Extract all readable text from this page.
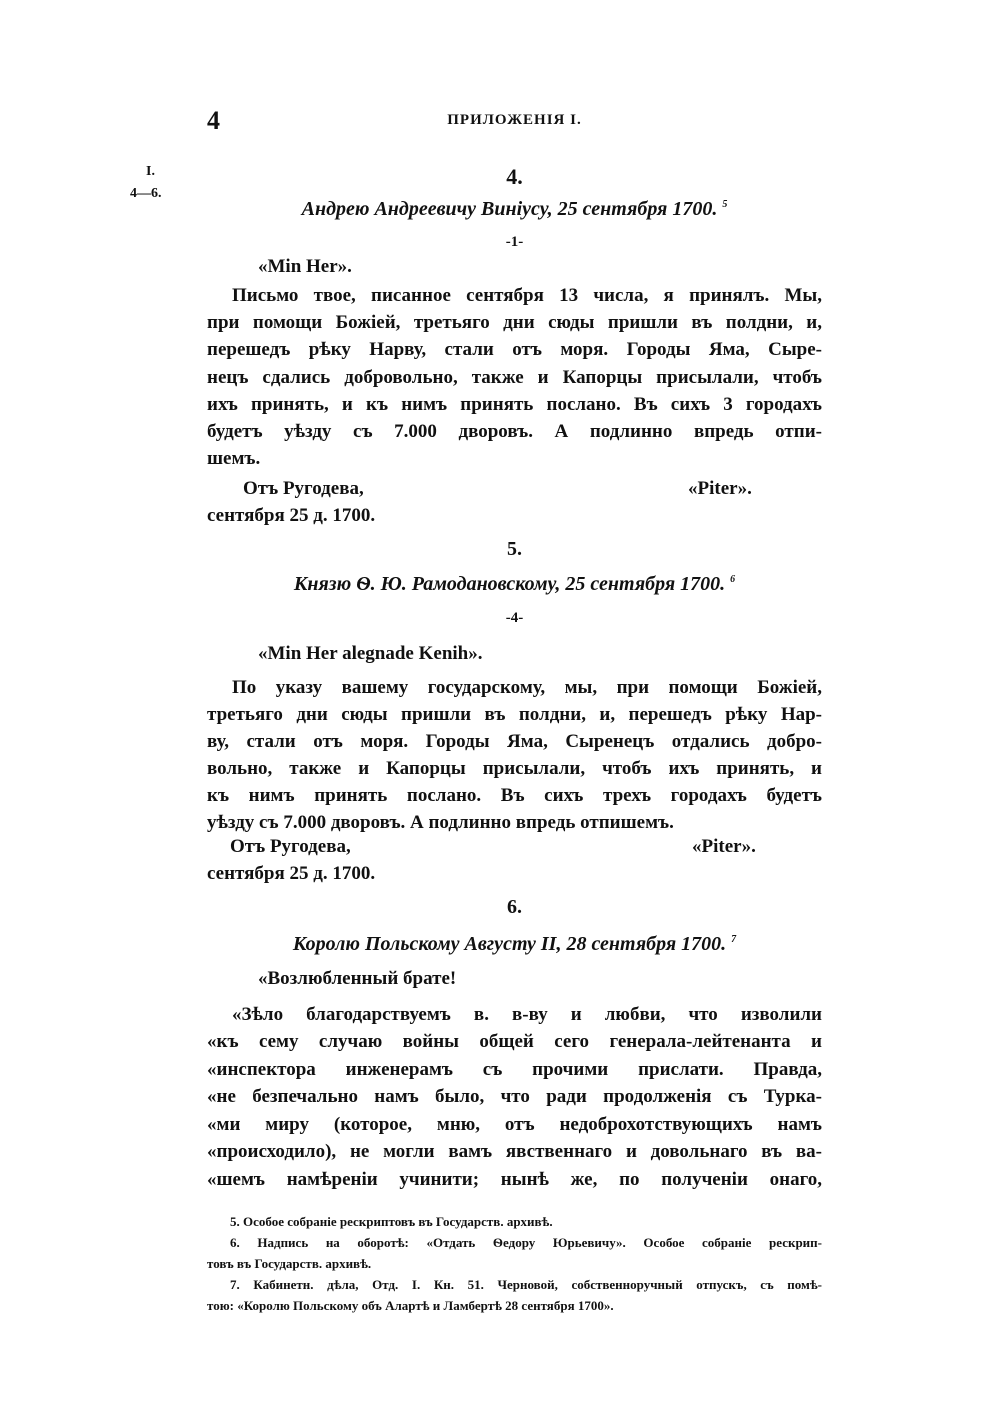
4	ПРИЛОЖЕНІЯ I.
I.
4—6.
4.
Андрею Андреевичу Виніусу, 25 сентября 1700. $^5$
-1-
«Min Her».
Письмо твое, писанное сентября 13 числа, я принялъ. Мы,
при помощи Божіей, третьяго дни сюды пришли въ полдни, и,
перешедъ рѣку Нарву, стали отъ моря. Городы Яма, Сыре-
нецъ сдались добровольно, также и Капорцы присылали, чтобъ
ихъ принять, и къ нимъ принять послано. Въ сихъ 3 городахъ
будетъ уѣзду съ 7.000 дворовъ. А подлинно впредь отпи-
шемъ.
Отъ Ругодева,	«Piter».
сентября 25 д. 1700.
5.
Князю Ѳ. Ю. Рамодановскому, 25 сентября 1700. $^6$
-4-
«Min Her alegnade Kenih».
По указу вашему государскому, мы, при помощи Божіей,
третьяго дни сюды пришли въ полдни, и, перешедъ рѣку Нар-
ву, стали отъ моря. Городы Яма, Сыренецъ отдались добро-
вольно, также и Капорцы присылали, чтобъ ихъ принять, и
къ нимъ принять послано. Въ сихъ трехъ городахъ будетъ
уѣзду съ 7.000 дворовъ. А подлинно впредь отпишемъ.
Отъ Ругодева,	«Piter».
сентября 25 д. 1700.
6.
Королю Польскому Августу II, 28 сентября 1700. $^7$
«Возлюбленный брате!
«Зѣло благодарствуемъ в. в-ву и любви, что изволили
«къ сему случаю войны общей сего генерала-лейтенанта и
«инспектора инженерамъ съ прочими прислати. Правда,
«не безпечально намъ было, что ради продолженія съ Турка-
«ми миру (которое, мню, отъ недоброхотствующихъ намъ
«происходило), не могли вамъ явственнаго и довольнаго въ ва-
«шемъ намѣреніи учинити; нынѣ же, по полученіи онаго,
5. Особое собраніе рескриптовъ въ Государств. архивѣ.
6. Надпись на оборотѣ: «Отдать Ѳедору Юрьевичу». Особое собраніе рескрип-
товъ въ Государств. архивѣ.
7. Кабинетн. дѣла, Отд. I. Кн. 51. Черновой, собственноручный отпускъ, съ помѣ-
тою: «Королю Польскому объ Алартѣ и Ламбертѣ 28 сентября 1700».
